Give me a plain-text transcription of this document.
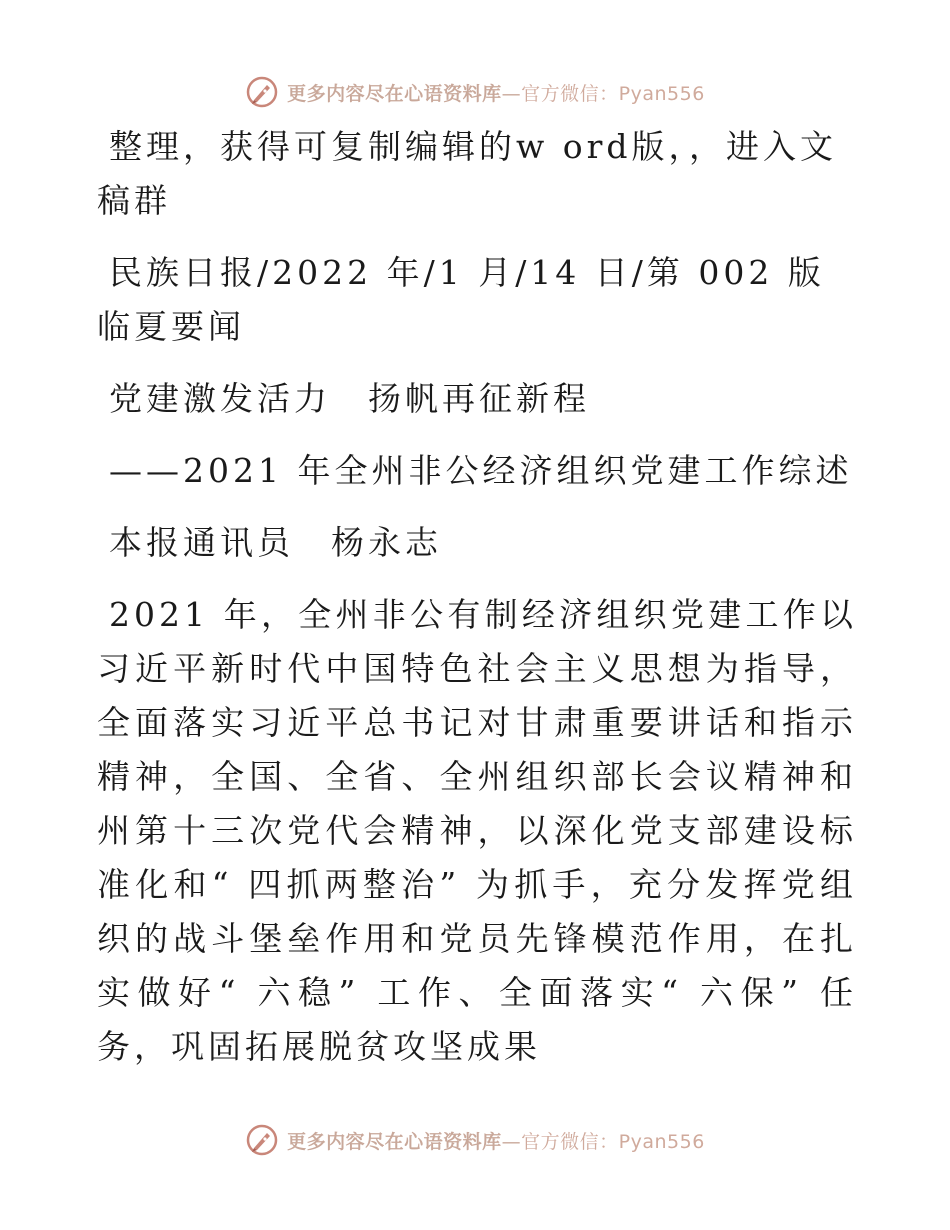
更多内容尽在心语资料库—官方微信：Pyan556

整理，获得可复制编辑的w ord版，，进入文稿群

民族日报/2022 年/1 月/14 日/第 002 版临夏要闻

党建激发活力　扬帆再征新程

——2021 年全州非公经济组织党建工作综述

本报通讯员　杨永志

2021 年，全州非公有制经济组织党建工作以习近平新时代中国特色社会主义思想为指导，全面落实习近平总书记对甘肃重要讲话和指示精神，全国、全省、全州组织部长会议精神和州第十三次党代会精神，以深化党支部建设标准化和“ 四抓两整治” 为抓手，充分发挥党组织的战斗堡垒作用和党员先锋模范作用，在扎实做好“ 六稳” 工作、全面落实“ 六保” 任务，巩固拓展脱贫攻坚成果
更多内容尽在心语资料库—官方微信：Pyan556
